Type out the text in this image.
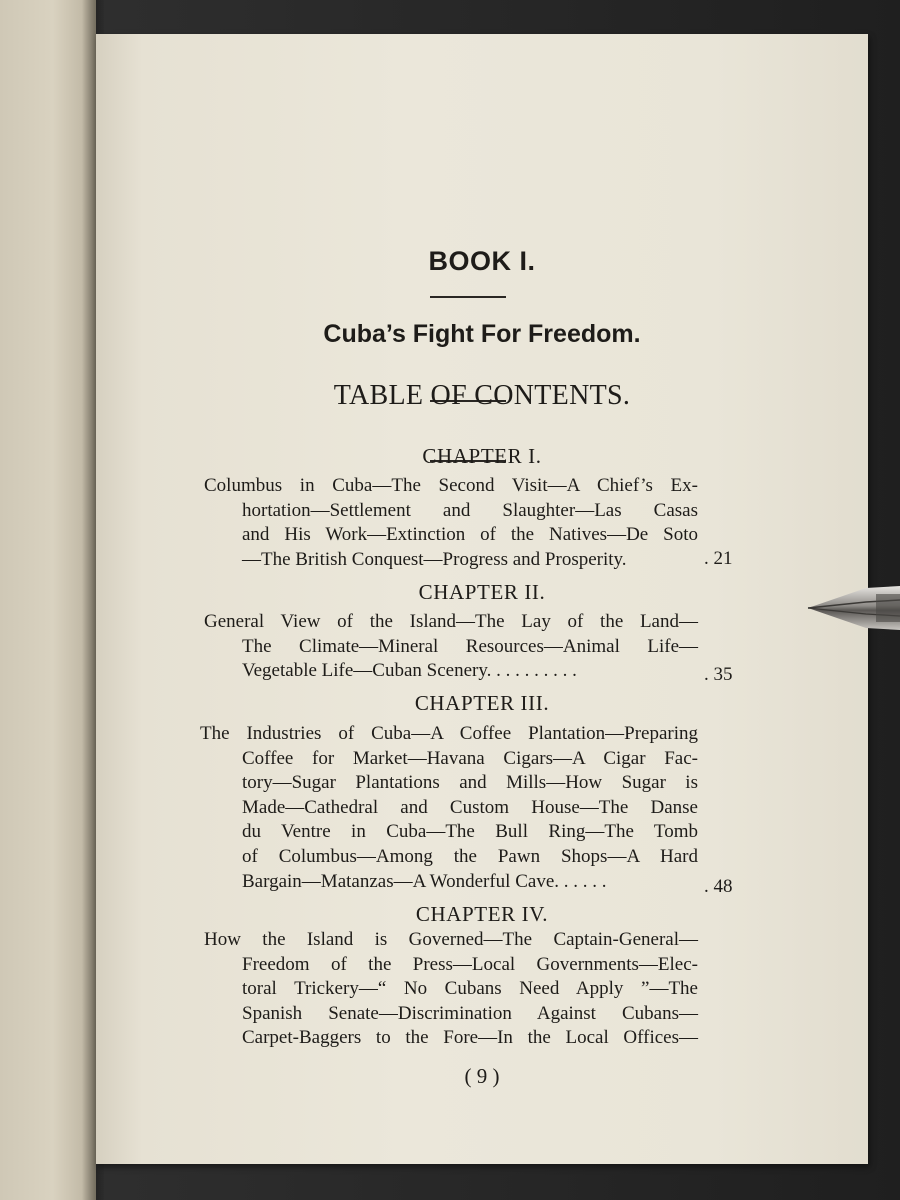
BOOK I.
Cuba’s Fight For Freedom.
TABLE OF CONTENTS.
CHAPTER I.
Columbus in Cuba—The Second Visit—A Chief’s Ex-
hortation—Settlement and Slaughter—Las Casas
and His Work—Extinction of the Natives—De Soto
—The British Conquest—Progress and Prosperity.	. 21
CHAPTER II.
General View of the Island—The Lay of the Land—
The Climate—Mineral Resources—Animal Life—
Vegetable Life—Cuban Scenery. . . . . . . . . .	. 35
CHAPTER III.
The Industries of Cuba—A Coffee Plantation—Preparing
Coffee for Market—Havana Cigars—A Cigar Fac-
tory—Sugar Plantations and Mills—How Sugar is
Made—Cathedral and Custom House—The Danse
du Ventre in Cuba—The Bull Ring—The Tomb
of Columbus—Among the Pawn Shops—A Hard
Bargain—Matanzas—A Wonderful Cave. . . . . .	. 48
CHAPTER IV.
How the Island is Governed—The Captain-General—
Freedom of the Press—Local Governments—Elec-
toral Trickery—“ No Cubans Need Apply ”—The
Spanish Senate—Discrimination Against Cubans—
Carpet-Baggers to the Fore—In the Local Offices—
( 9 )
